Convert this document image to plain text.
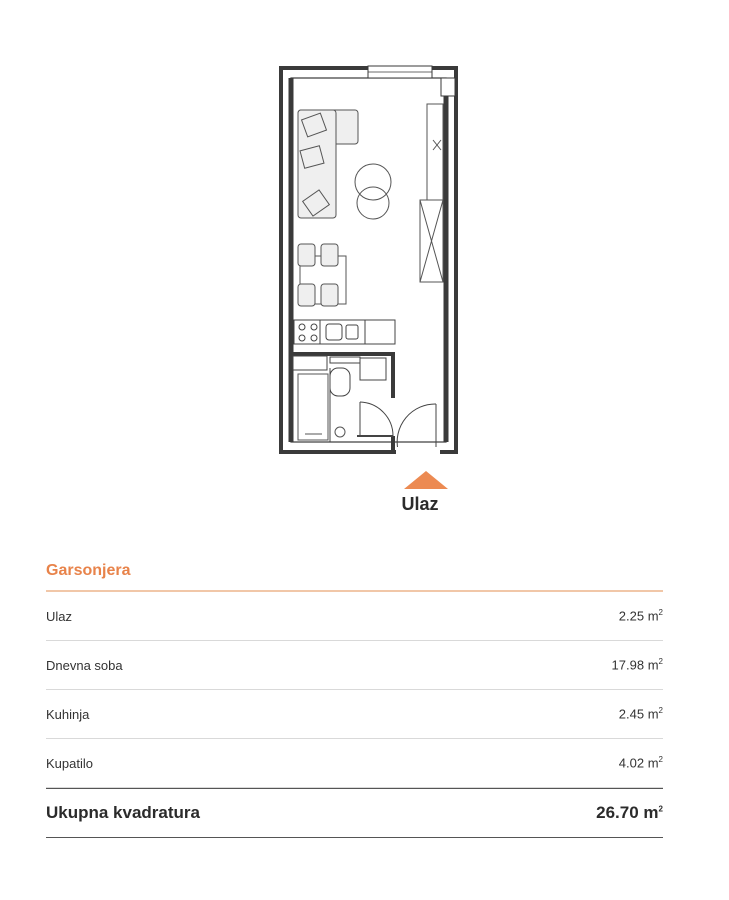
Ulaz
Garsonjera
Ulaz	2.25 $m^2$
Dnevna soba	17.98 $m^2$
Kuhinja	2.45 $m^2$
Kupatilo	4.02 $m^2$
Ukupna kvadratura	26.70 $m^2$
